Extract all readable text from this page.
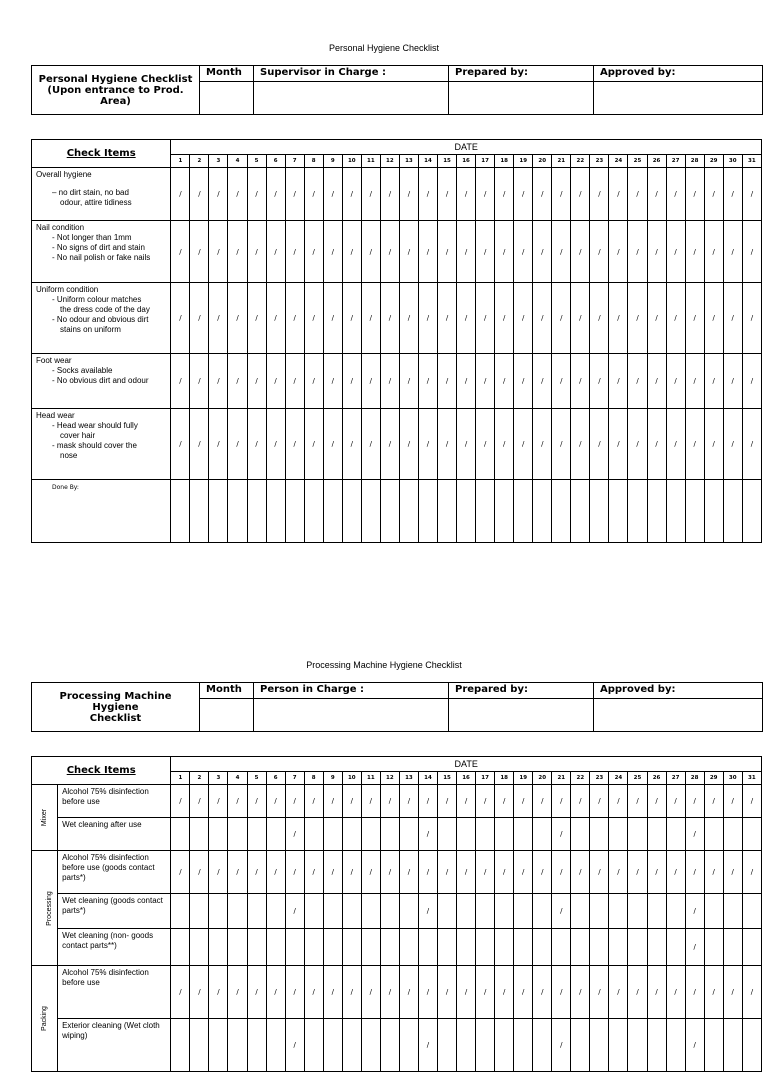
Personal Hygiene Checklist
Personal Hygiene Checklist
(Upon entrance to Prod. Area)	Month	Supervisor in Charge :	Prepared by:	Approved by:

Check Items	DATE																														
	1	2	3	4	5	6	7	8	9	10	11	12	13	14	15	16	17	18	19	20	21	22	23	24	25	26	27	28	29	30	31

Overall hygiene
– no dirt stain, no bad
odour, attire tidiness	/	/	/	/	/	/	/	/	/	/	/	/	/	/	/	/	/	/	/	/	/	/	/	/	/	/	/	/	/	/	/

Nail condition
- Not longer than 1mm
- No signs of dirt and stain
- No nail polish or fake nails	/	/	/	/	/	/	/	/	/	/	/	/	/	/	/	/	/	/	/	/	/	/	/	/	/	/	/	/	/	/	/

Uniform condition
- Uniform colour matches
the dress code of the day
- No odour and obvious dirt
stains on uniform	/	/	/	/	/	/	/	/	/	/	/	/	/	/	/	/	/	/	/	/	/	/	/	/	/	/	/	/	/	/	/

Foot wear
- Socks available
- No obvious dirt and odour	/	/	/	/	/	/	/	/	/	/	/	/	/	/	/	/	/	/	/	/	/	/	/	/	/	/	/	/	/	/	/

Head wear
- Head wear should fully
cover hair
- mask should cover the
nose	/	/	/	/	/	/	/	/	/	/	/	/	/	/	/	/	/	/	/	/	/	/	/	/	/	/	/	/	/	/	/
Done By:																															
Processing Machine Hygiene Checklist
Processing Machine Hygiene
Checklist	Month	Person in Charge :	Prepared by:	Approved by:

Check Items		DATE																														
		1	2	3	4	5	6	7	8	9	10	11	12	13	14	15	16	17	18	19	20	21	22	23	24	25	26	27	28	29	30	31
Mixer	Alcohol 75% disinfection before use	/	/	/	/	/	/	/	/	/	/	/	/	/	/	/	/	/	/	/	/	/	/	/	/	/	/	/	/	/	/	/
	Wet cleaning after use							/							/							/							/			
Processing	Alcohol 75% disinfection before use (goods contact parts*)	/	/	/	/	/	/	/	/	/	/	/	/	/	/	/	/	/	/	/	/	/	/	/	/	/	/	/	/	/	/	/
	Wet cleaning (goods contact parts*)							/							/							/							/			
	Wet cleaning (non- goods contact parts**)																												/			
Packing	Alcohol 75% disinfection before use	/	/	/	/	/	/	/	/	/	/	/	/	/	/	/	/	/	/	/	/	/	/	/	/	/	/	/	/	/	/	/
	Exterior cleaning (Wet cloth wiping)							/							/							/							/			
